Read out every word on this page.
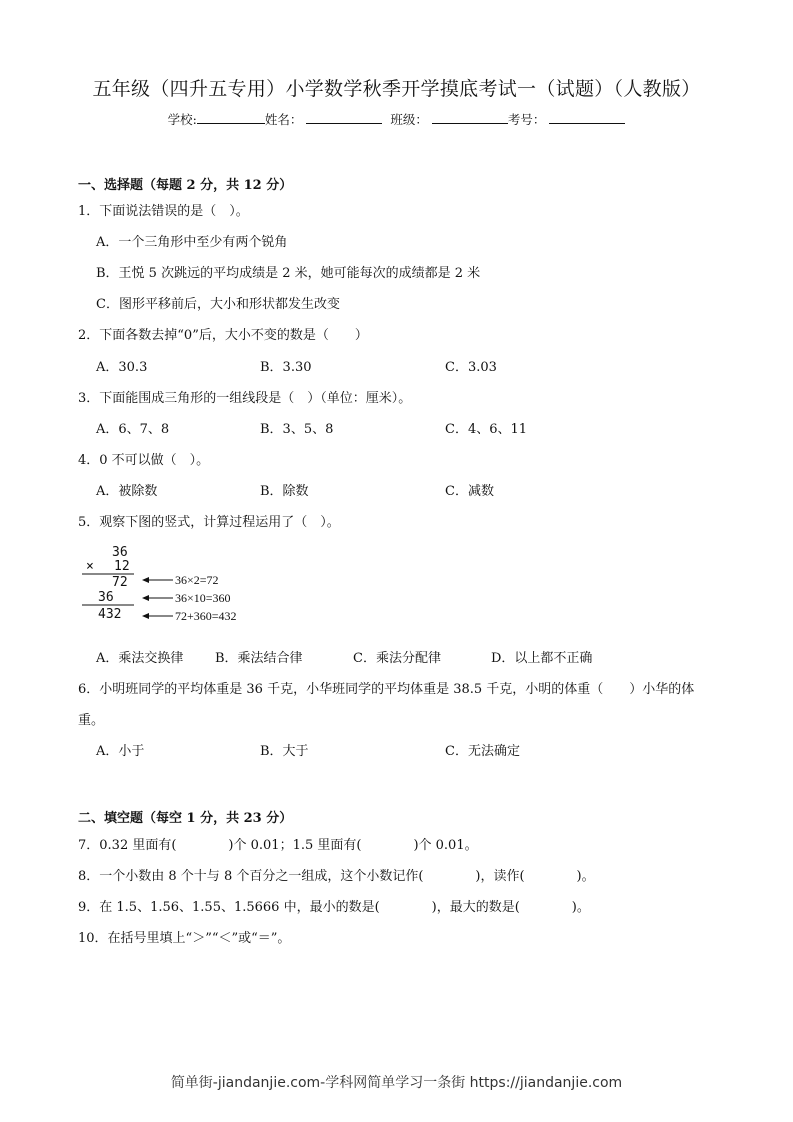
五年级（四升五专用）小学数学秋季开学摸底考试一（试题）（人教版）
学校:	姓名：	班级：	考号：
一、选择题（每题 2 分，共 12 分）
1．下面说法错误的是（　）。
A．一个三角形中至少有两个锐角
B．王悦 5 次跳远的平均成绩是 2 米，她可能每次的成绩都是 2 米
C．图形平移前后，大小和形状都发生改变
2．下面各数去掉“0”后，大小不变的数是（　　）
A．30.3	B．3.30	C．3.03
3．下面能围成三角形的一组线段是（　）（单位：厘米）。
A．6、7、8	B．3、5、8	C．4、6、11
4．0 不可以做（　）。
A．被除数	B．除数	C．减数
5．观察下图的竖式，计算过程运用了（　）。
36
× 12
72
36
432
36×2=72
36×10=360
72+360=432
A．乘法交换律 B．乘法结合律	C．乘法分配律	D．以上都不正确
6．小明班同学的平均体重是 36 千克，小华班同学的平均体重是 38.5 千克，小明的体重（　　）小华的体
重。
A．小于	B．大于	C．无法确定
二、填空题（每空 1 分，共 23 分）
7．0.32 里面有(　　　　)个 0.01；1.5 里面有(　　　　)个 0.01。
8．一个小数由 8 个十与 8 个百分之一组成，这个小数记作(　　　　)，读作(　　　　)。
9．在 1.5、1.56、1.55、1.5666 中，最小的数是(　　　　)，最大的数是(　　　　)。
10．在括号里填上“＞”“＜”或“＝”。
简单街-jiandanjie.com-学科网简单学习一条街 https://jiandanjie.com
